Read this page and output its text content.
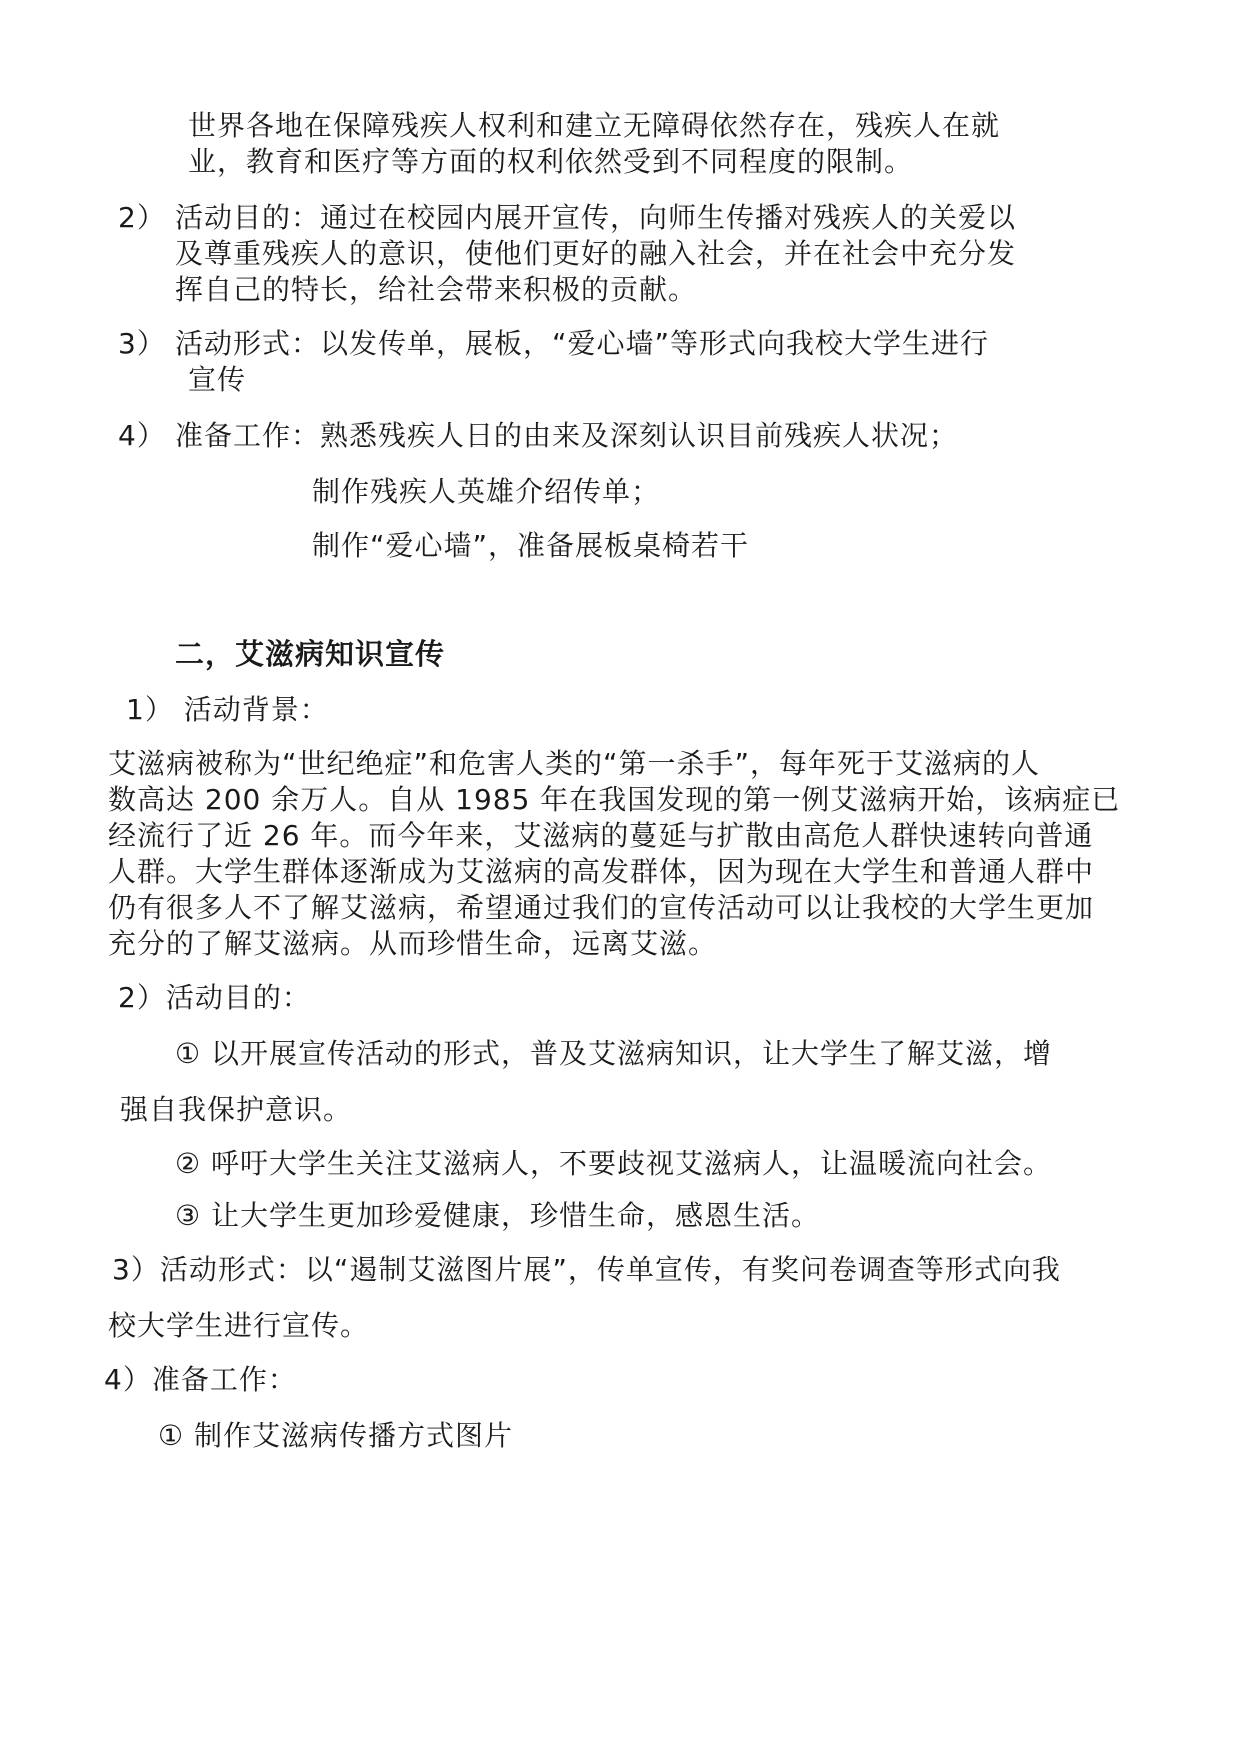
世界各地在保障残疾人权利和建立无障碍依然存在，残疾人在就
业，教育和医疗等方面的权利依然受到不同程度的限制。
2） 活动目的：通过在校园内展开宣传，向师生传播对残疾人的关爱以
及尊重残疾人的意识，使他们更好的融入社会，并在社会中充分发
挥自己的特长，给社会带来积极的贡献。
3） 活动形式：以发传单，展板，“爱心墙”等形式向我校大学生进行
宣传
4） 准备工作：熟悉残疾人日的由来及深刻认识目前残疾人状况；
制作残疾人英雄介绍传单；
制作“爱心墙”，准备展板桌椅若干
二，艾滋病知识宣传
1） 活动背景：
艾滋病被称为“世纪绝症”和危害人类的“第一杀手”，每年死于艾滋病的人
数高达 200 余万人。自从 1985 年在我国发现的第一例艾滋病开始，该病症已
经流行了近 26 年。而今年来，艾滋病的蔓延与扩散由高危人群快速转向普通
人群。大学生群体逐渐成为艾滋病的高发群体，因为现在大学生和普通人群中
仍有很多人不了解艾滋病，希望通过我们的宣传活动可以让我校的大学生更加
充分的了解艾滋病。从而珍惜生命，远离艾滋。
2）活动目的：
① 以开展宣传活动的形式，普及艾滋病知识，让大学生了解艾滋，增
强自我保护意识。
② 呼吁大学生关注艾滋病人，不要歧视艾滋病人，让温暖流向社会。
③ 让大学生更加珍爱健康，珍惜生命，感恩生活。
3）活动形式：以“遏制艾滋图片展”，传单宣传，有奖问卷调查等形式向我
校大学生进行宣传。
4）准备工作：
① 制作艾滋病传播方式图片
